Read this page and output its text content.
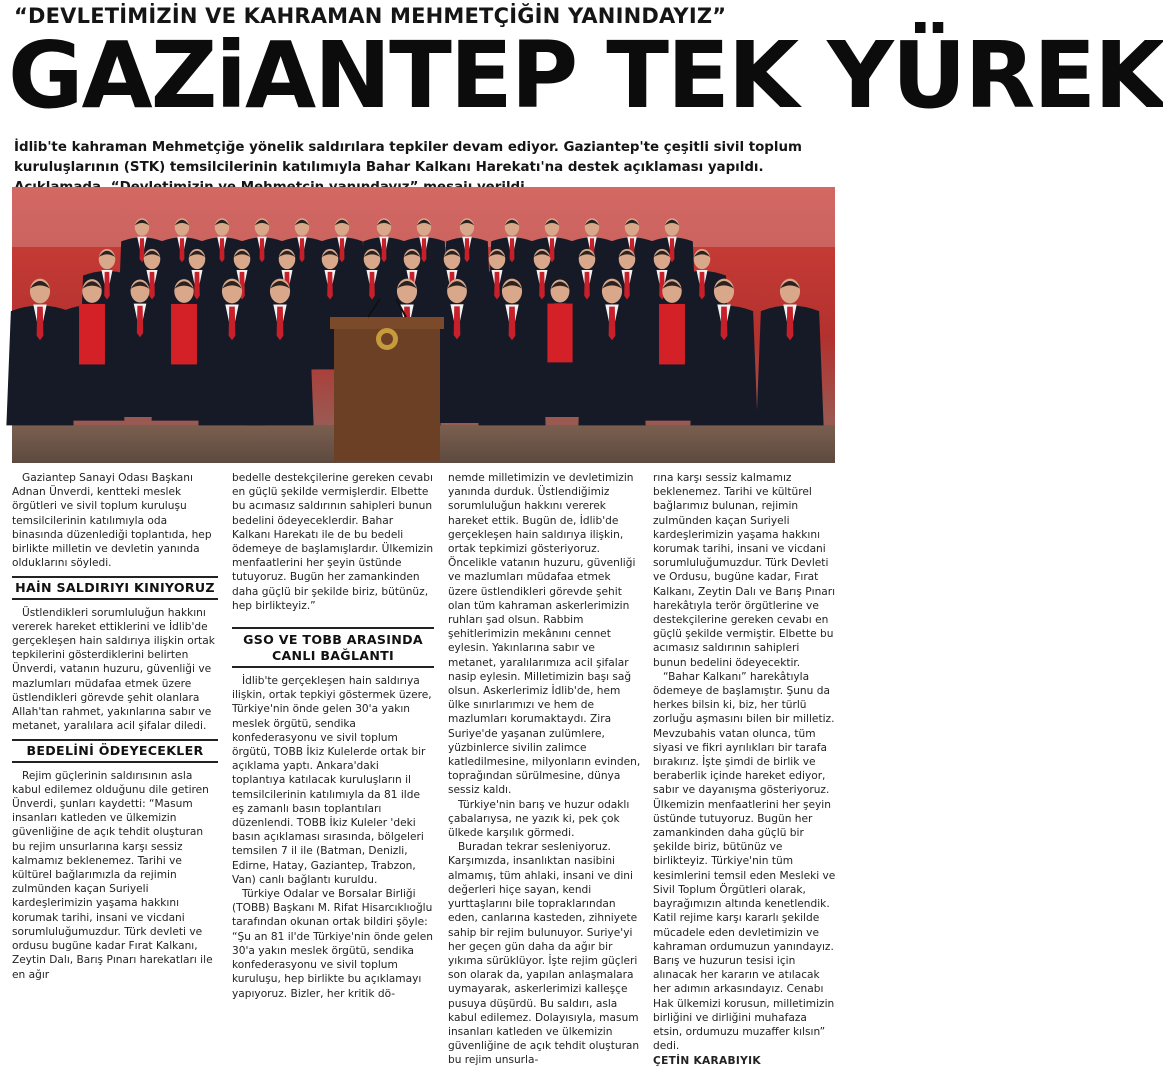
“DEVLETİMİZİN VE KAHRAMAN MEHMETÇİĞİN YANINDAYIZ”
GAZiANTEP TEK YÜREK
İdlib'te kahraman Mehmetçiğe yönelik saldırılara tepkiler devam ediyor. Gaziantep'te çeşitli sivil toplum kuruluşlarının (STK) temsilcilerinin katılımıyla Bahar Kalkanı Harekatı'na destek açıklaması yapıldı.

Gaziantep Sanayi Odası Başkanı Adnan Ünverdi, kentteki meslek örgütleri ve sivil toplum kuruluşu temsilcilerinin katılımıyla oda binasında düzenlediği toplantıda, hep birlikte milletin ve devletin yanında olduklarını söyledi.

HAİN SALDIRIYI KINIYORUZ

Üstlendikleri sorumluluğun hakkını vererek hareket ettiklerini ve İdlib'de gerçekleşen hain saldırıya ilişkin ortak tepkilerini gösterdiklerini belirten Ünverdi, vatanın huzuru, güvenliği ve mazlumları müdafaa etmek üzere üstlendikleri görevde şehit olanlara Allah'tan rahmet, yakınlarına sabır ve metanet, yaralılara acil şifalar diledi.

BEDELİNİ ÖDEYECEKLER

Rejim güçlerinin saldırısının asla kabul edilemez olduğunu dile getiren Ünverdi, şunları kaydetti: “Masum insanları katleden ve ülkemizin güvenliğine de açık tehdit oluşturan bu rejim unsurlarına karşı sessiz kalmamız beklenemez. Tarihi ve kültürel bağlarımızla da rejimin zulmünden kaçan Suriyeli kardeşlerimizin yaşama hakkını korumak tarihi, insani ve vicdani sorumluluğumuzdur. Türk devleti ve ordusu bugüne kadar Fırat Kalkanı, Zeytin Dalı, Barış Pınarı harekatları ile en ağır

bedelle destekçilerine gereken cevabı en güçlü şekilde vermişlerdir. Elbette bu acımasız saldırının sahipleri bunun bedelini ödeyeceklerdir. Bahar Kalkanı Harekatı ile de bu bedeli ödemeye de başlamışlardır. Ülkemizin menfaatlerini her şeyin üstünde tutuyoruz. Bugün her zamankinden daha güçlü bir şekilde biriz, bütünüz, hep birlikteyiz.”

GSO VE TOBB ARASINDA CANLI BAĞLANTI

İdlib'te gerçekleşen hain saldırıya ilişkin, ortak tepkiyi göstermek üzere, Türkiye'nin önde gelen 30'a yakın meslek örgütü, sendika konfederasyonu ve sivil toplum örgütü, TOBB İkiz Kulelerde ortak bir açıklama yaptı. Ankara'daki toplantıya katılacak kuruluşların il temsilcilerinin katılımıyla da 81 ilde eş zamanlı basın toplantıları düzenlendi. TOBB İkiz Kuleler 'deki basın açıklaması sırasında, bölgeleri temsilen 7 il ile (Batman, Denizli, Edirne, Hatay, Gaziantep, Trabzon, Van) canlı bağlantı kuruldu.

Türkiye Odalar ve Borsalar Birliği (TOBB) Başkanı M. Rifat Hisarcıklıoğlu tarafından okunan ortak bildiri şöyle: “Şu an 81 il'de Türkiye'nin önde gelen 30'a yakın meslek örgütü, sendika konfederasyonu ve sivil toplum kuruluşu, hep birlikte bu açıklamayı yapıyoruz. Bizler, her kritik dö-

nemde milletimizin ve devletimizin yanında durduk. Üstlendiğimiz sorumluluğun hakkını vererek hareket ettik. Bugün de, İdlib'de gerçekleşen hain saldırıya ilişkin, ortak tepkimizi gösteriyoruz. Öncelikle vatanın huzuru, güvenliği ve mazlumları müdafaa etmek üzere üstlendikleri görevde şehit olan tüm kahraman askerlerimizin ruhları şad olsun. Rabbim şehitlerimizin mekânını cennet eylesin. Yakınlarına sabır ve metanet, yaralılarımıza acil şifalar nasip eylesin. Milletimizin başı sağ olsun. Askerlerimiz İdlib'de, hem ülke sınırlarımızı ve hem de mazlumları korumaktaydı. Zira Suriye'de yaşanan zulümlere, yüzbinlerce sivilin zalimce katledilmesine, milyonların evinden, toprağından sürülmesine, dünya sessiz kaldı.

Türkiye'nin barış ve huzur odaklı çabalarıysa, ne yazık ki, pek çok ülkede karşılık görmedi.

Buradan tekrar sesleniyoruz. Karşımızda, insanlıktan nasibini almamış, tüm ahlaki, insani ve dini değerleri hiçe sayan, kendi yurttaşlarını bile topraklarından eden, canlarına kasteden, zihniyete sahip bir rejim bulunuyor. Suriye'yi her geçen gün daha da ağır bir yıkıma sürüklüyor. İşte rejim güçleri son olarak da, yapılan anlaşmalara uymayarak, askerlerimizi kalleşçe pusuya düşürdü. Bu saldırı, asla kabul edilemez. Dolayısıyla, masum insanları katleden ve ülkemizin güvenliğine de açık tehdit oluşturan bu rejim unsurla-

rına karşı sessiz kalmamız beklenemez. Tarihi ve kültürel bağlarımız bulunan, rejimin zulmünden kaçan Suriyeli kardeşlerimizin yaşama hakkını korumak tarihi, insani ve vicdani sorumluluğumuzdur. Türk Devleti ve Ordusu, bugüne kadar, Fırat Kalkanı, Zeytin Dalı ve Barış Pınarı harekâtıyla terör örgütlerine ve destekçilerine gereken cevabı en güçlü şekilde vermiştir. Elbette bu acımasız saldırının sahipleri bunun bedelini ödeyecektir.

“Bahar Kalkanı” harekâtıyla ödemeye de başlamıştır. Şunu da herkes bilsin ki, biz, her türlü zorluğu aşmasını bilen bir milletiz. Mevzubahis vatan olunca, tüm siyasi ve fikri ayrılıkları bir tarafa bırakırız. İşte şimdi de birlik ve beraberlik içinde hareket ediyor, sabır ve dayanışma gösteriyoruz. Ülkemizin menfaatlerini her şeyin üstünde tutuyoruz. Bugün her zamankinden daha güçlü bir şekilde biriz, bütünüz ve birlikteyiz. Türkiye'nin tüm kesimlerini temsil eden Mesleki ve Sivil Toplum Örgütleri olarak, bayrağımızın altında kenetlendik. Katil rejime karşı kararlı şekilde mücadele eden devletimizin ve kahraman ordumuzun yanındayız. Barış ve huzurun tesisi için alınacak her kararın ve atılacak her adımın arkasındayız. Cenabı Hak ülkemizi korusun, milletimizin birliğini ve dirliğini muhafaza etsin, ordumuzu muzaffer kılsın” dedi.

ÇETİN KARABIYIK
